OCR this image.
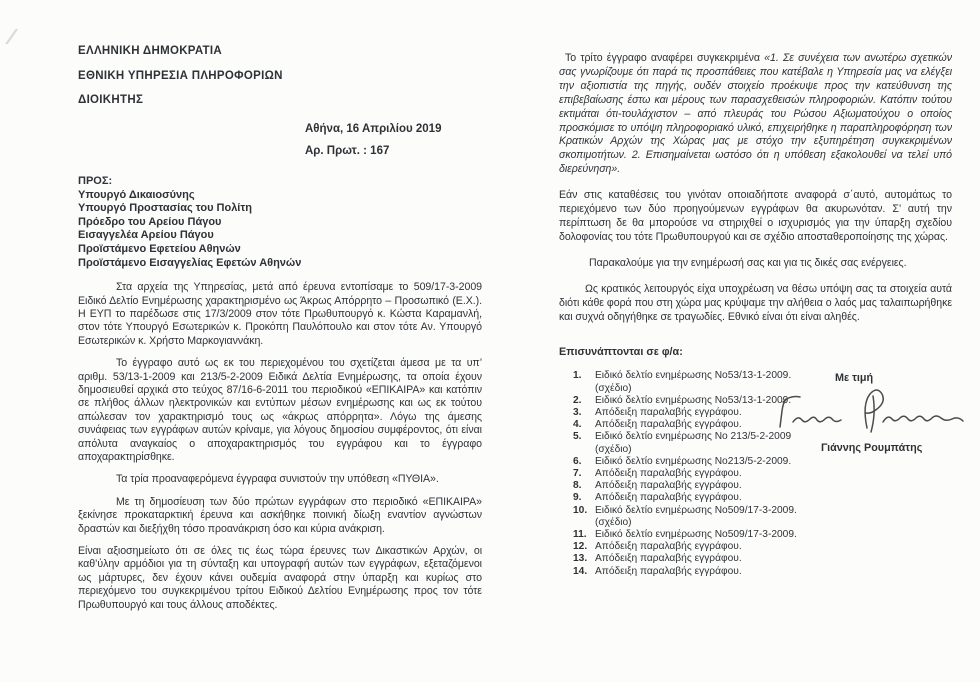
ΕΛΛΗΝΙΚΗ ΔΗΜΟΚΡΑΤΙΑ

ΕΘΝΙΚΗ ΥΠΗΡΕΣΙΑ ΠΛΗΡΟΦΟΡΙΩΝ

ΔΙΟΙΚΗΤΗΣ

Αθήνα, 16 Απριλίου 2019

Αρ. Πρωτ. : 167

ΠΡΟΣ:

Υπουργό Δικαιοσύνης

Υπουργό Προστασίας του Πολίτη

Πρόεδρο του Αρείου Πάγου

Εισαγγελέα Αρείου Πάγου

Προϊστάμενο Εφετείου Αθηνών

Προϊστάμενο Εισαγγελίας Εφετών Αθηνών

Στα αρχεία της Υπηρεσίας, μετά από έρευνα εντοπίσαμε το 509/17-3-2009 Ειδικό Δελτίο Ενημέρωσης χαρακτηρισμένο ως Άκρως Απόρρητο – Προσωπικό (Ε.Χ.). Η ΕΥΠ το παρέδωσε στις 17/3/2009 στον τότε Πρωθυπουργό κ. Κώστα Καραμανλή, στον τότε Υπουργό Εσωτερικών κ. Προκόπη Παυλόπουλο και στον τότε Αν. Υπουργό Εσωτερικών κ. Χρήστο Μαρκογιαννάκη.

Το έγγραφο αυτό ως εκ του περιεχομένου του σχετίζεται άμεσα με τα υπ’ αριθμ. 53/13-1-2009 και 213/5-2-2009 Ειδικά Δελτία Ενημέρωσης, τα οποία έχουν δημοσιευθεί αρχικά στο τεύχος 87/16-6-2011 του περιοδικού «ΕΠΙΚΑΙΡΑ» και κατόπιν σε πλήθος άλλων ηλεκτρονικών και εντύπων μέσων ενημέρωσης και ως εκ τούτου απώλεσαν τον χαρακτηρισμό τους ως «άκρως απόρρητα». Λόγω της άμεσης συνάφειας των εγγράφων αυτών κρίναμε, για λόγους δημοσίου συμφέροντος, ότι είναι απόλυτα αναγκαίος ο αποχαρακτηρισμός του εγγράφου και το έγγραφο αποχαρακτηρίσθηκε.

Τα τρία προαναφερόμενα έγγραφα συνιστούν την υπόθεση «ΠΥΘΙΑ».

Με τη δημοσίευση των δύο πρώτων εγγράφων στο περιοδικό «ΕΠΙΚΑΙΡΑ» ξεκίνησε προκαταρκτική έρευνα και ασκήθηκε ποινική δίωξη εναντίον αγνώστων δραστών και διεξήχθη τόσο προανάκριση όσο και κύρια ανάκριση.

Είναι αξιοσημείωτο ότι σε όλες τις έως τώρα έρευνες των Δικαστικών Αρχών, οι καθ’ύλην αρμόδιοι για τη σύνταξη και υπογραφή αυτών των εγγράφων, εξεταζόμενοι ως μάρτυρες, δεν έχουν κάνει ουδεμία αναφορά στην ύπαρξη και κυρίως στο περιεχόμενο του συγκεκριμένου τρίτου Ειδικού Δελτίου Ενημέρωσης προς τον τότε Πρωθυπουργό και τους άλλους αποδέκτες.

Το τρίτο έγγραφο αναφέρει συγκεκριμένα «1. Σε συνέχεια των ανωτέρω σχετικών σας γνωρίζουμε ότι παρά τις προσπάθειες που κατέβαλε η Υπηρεσία μας να ελέγξει την αξιοπιστία της πηγής, ουδέν στοιχείο προέκυψε προς την κατεύθυνση της επιβεβαίωσης έστω και μέρους των παρασχεθεισών πληροφοριών. Κατόπιν τούτου εκτιμάται ότι-τουλάχιστον – από πλευράς του Ρώσου Αξιωματούχου ο οποίος προσκόμισε το υπόψη πληροφοριακό υλικό, επιχειρήθηκε η παραπληροφόρηση των Κρατικών Αρχών της Χώρας μας με στόχο την εξυπηρέτηση συγκεκριμένων σκοπιμοτήτων. 2. Επισημαίνεται ωστόσο ότι η υπόθεση εξακολουθεί να τελεί υπό διερεύνηση».

Εάν στις καταθέσεις του γινόταν οποιαδήποτε αναφορά σ΄αυτό, αυτομάτως το περιεχόμενο των δύο προηγούμενων εγγράφων θα ακυρωνόταν. Σ’ αυτή την περίπτωση δε θα μπορούσε να στηριχθεί ο ισχυρισμός για την ύπαρξη σχεδίου δολοφονίας του τότε Πρωθυπουργού και σε σχέδιο αποσταθεροποίησης της χώρας.

Παρακαλούμε για την ενημέρωσή σας και για τις δικές σας ενέργειες.

Ως κρατικός λειτουργός είχα υποχρέωση να θέσω υπόψη σας τα στοιχεία αυτά διότι κάθε φορά που στη χώρα μας κρύψαμε την αλήθεια ο λαός μας ταλαιπωρήθηκε και συχνά οδηγήθηκε σε τραγωδίες. Εθνικό είναι ότι είναι αληθές.

Επισυνάπτονται σε φ/α:

Ειδικό δελτίο ενημέρωσης Νο53/13-1-2009. (σχέδιο)
Ειδικό δελτίο ενημέρωσης Νο53/13-1-2009.
Απόδειξη παραλαβής εγγράφου.
Απόδειξη παραλαβής εγγράφου.
Ειδικό δελτίο ενημέρωσης Νο 213/5-2-2009 (σχέδιο)
Ειδικό δελτίο ενημέρωσης Νο213/5-2-2009.
Απόδειξη παραλαβής εγγράφου.
Απόδειξη παραλαβής εγγράφου.
Απόδειξη παραλαβής εγγράφου.
Ειδικό δελτίο ενημέρωσης Νο509/17-3-2009.(σχέδιο)
Ειδικό δελτίο ενημέρωσης Νο509/17-3-2009.
Απόδειξη παραλαβής εγγράφου.
Απόδειξη παραλαβής εγγράφου.
Απόδειξη παραλαβής εγγράφου.

Με τιμή

Γιάννης Ρουμπάτης
